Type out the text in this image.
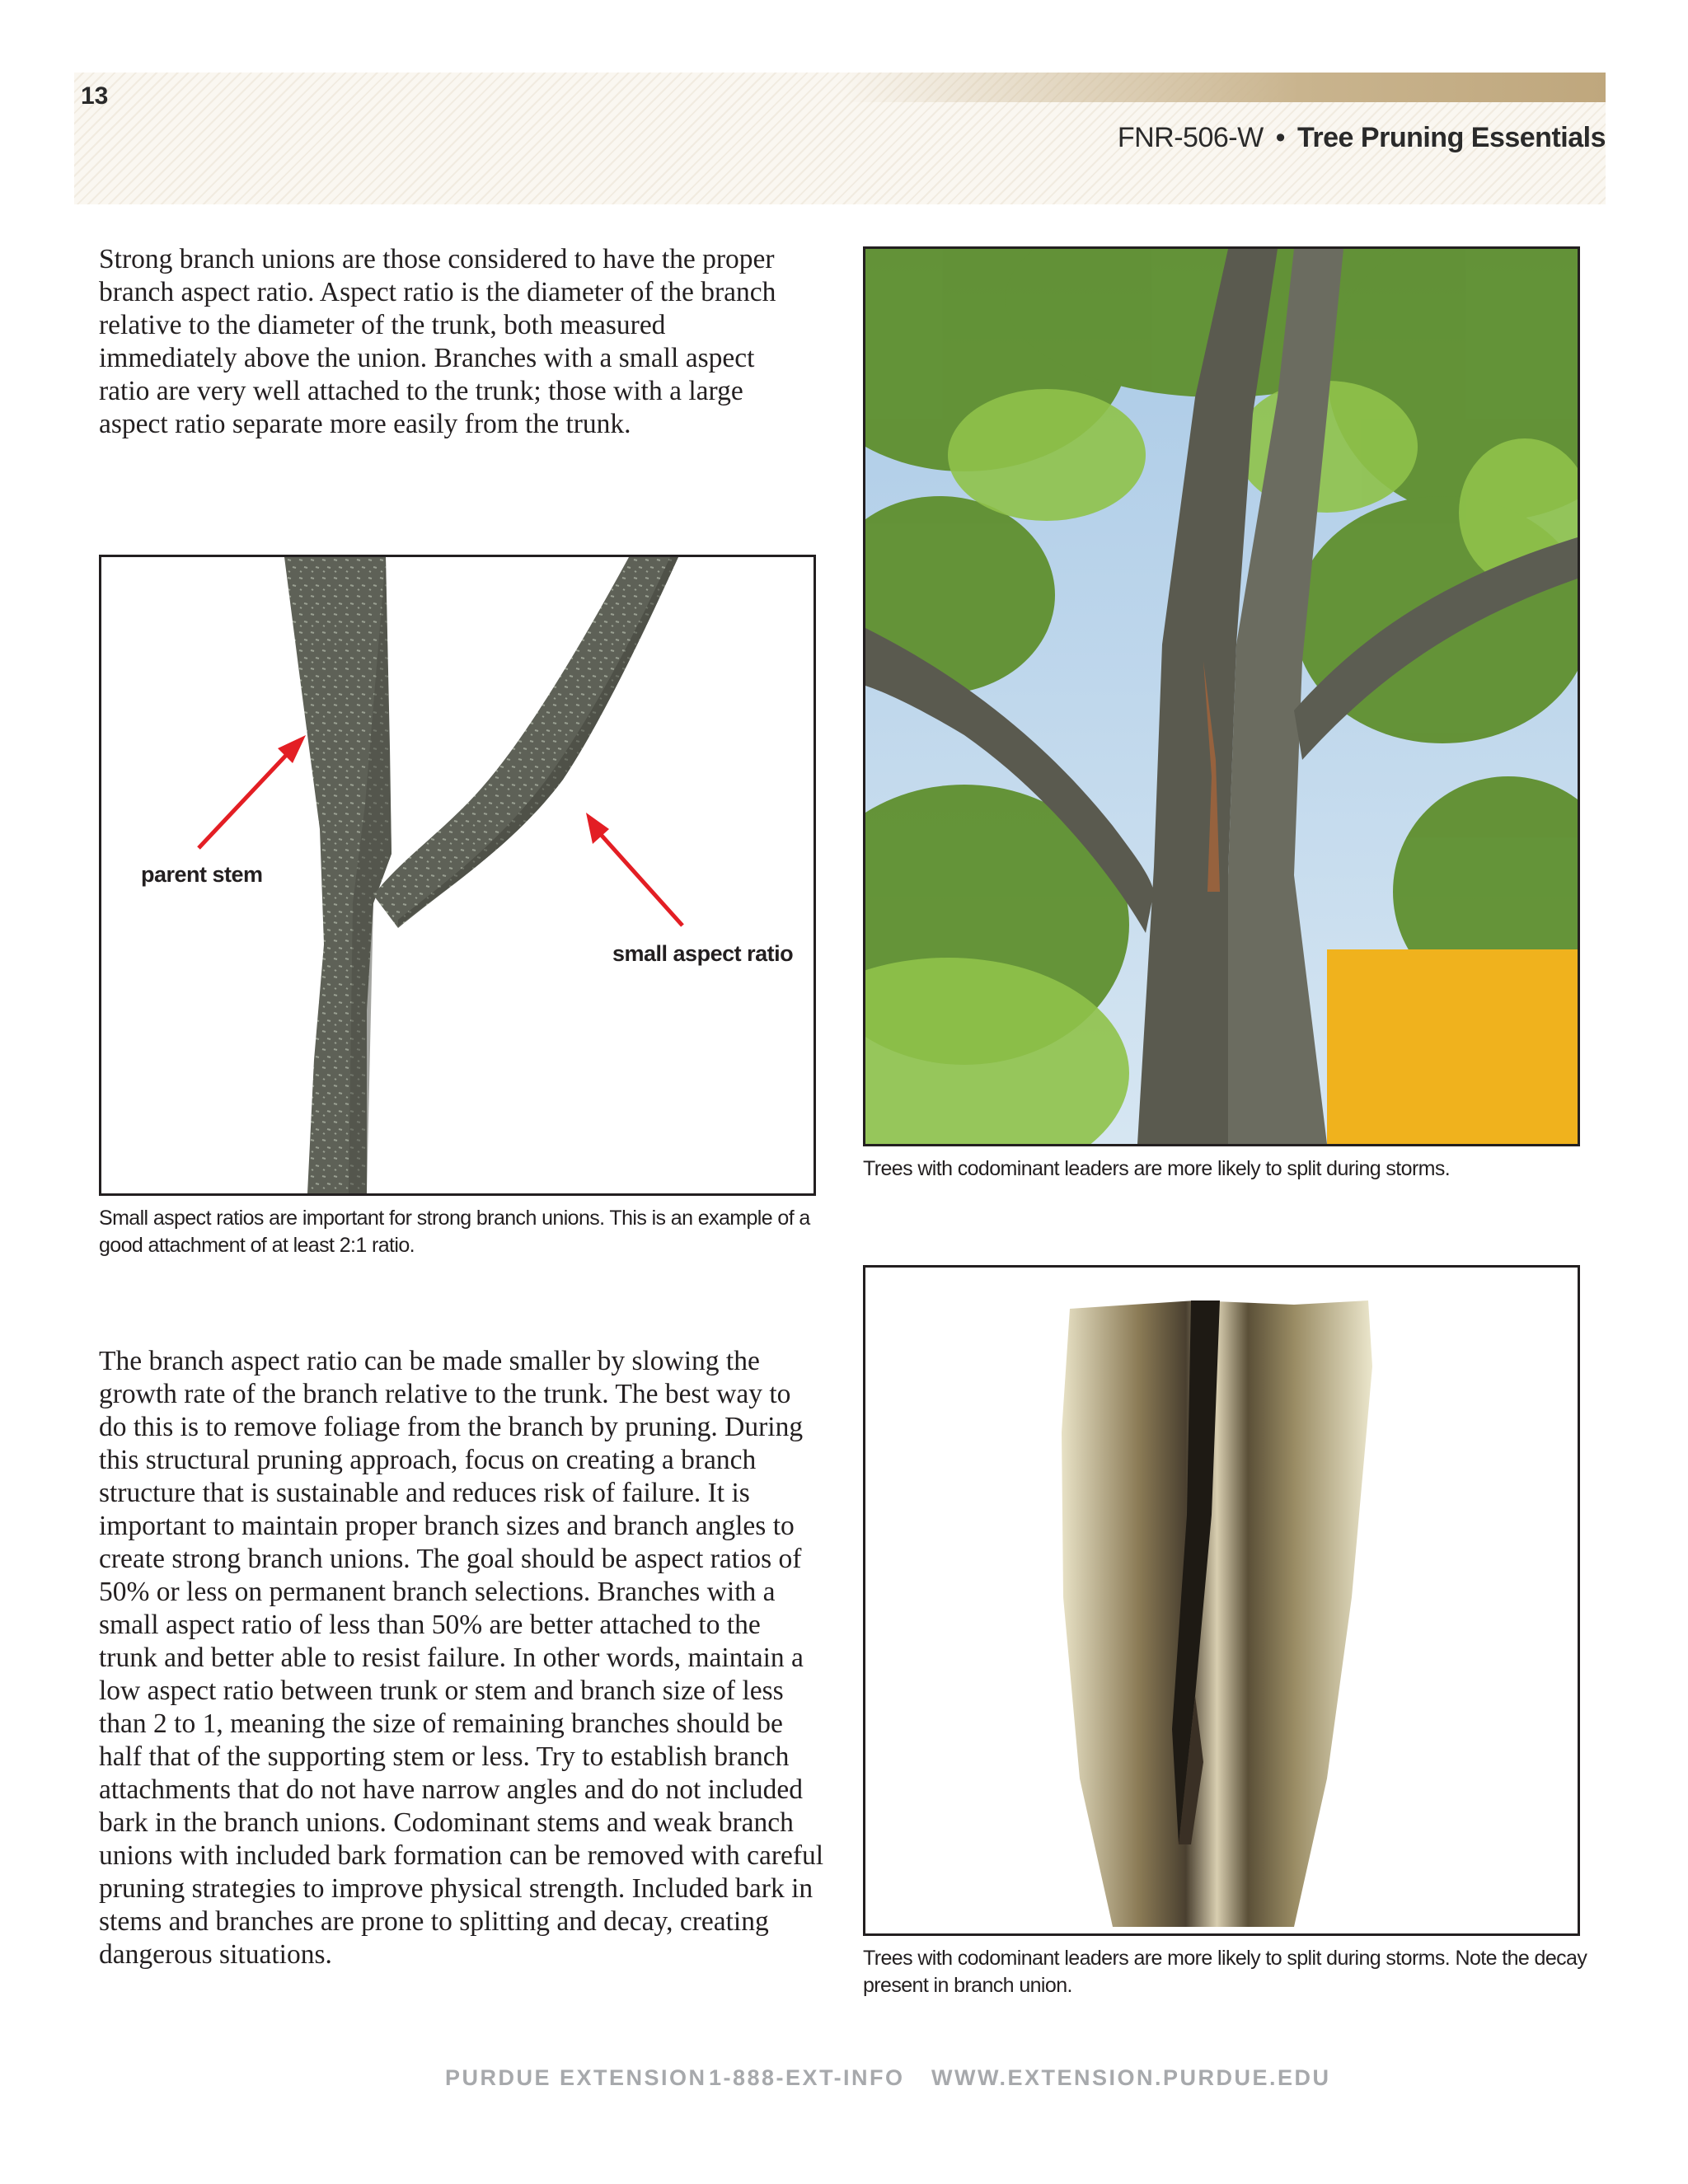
13
FNR-506-W • Tree Pruning Essentials
Strong branch unions are those considered to have the proper branch aspect ratio. Aspect ratio is the diameter of the branch relative to the diameter of the trunk, both measured immediately above the union. Branches with a small aspect ratio are very well attached to the trunk; those with a large aspect ratio separate more easily from the trunk.
parent stem
small aspect ratio
Small aspect ratios are important for strong branch unions. This is an example of a good attachment of at least 2:1 ratio.
Trees with codominant leaders are more likely to split during storms.
The branch aspect ratio can be made smaller by slowing the growth rate of the branch relative to the trunk. The best way to do this is to remove foliage from the branch by pruning. During this structural pruning approach, focus on creating a branch structure that is sustainable and reduces risk of failure. It is important to maintain proper branch sizes and branch angles to create strong branch unions. The goal should be aspect ratios of 50% or less on permanent branch selections. Branches with a small aspect ratio of less than 50% are better attached to the trunk and better able to resist failure. In other words, maintain a low aspect ratio between trunk or stem and branch size of less than 2 to 1, meaning the size of remaining branches should be half that of the supporting stem or less. Try to establish branch attachments that do not have narrow angles and do not included bark in the branch unions. Codominant stems and weak branch unions with included bark formation can be removed with careful pruning strategies to improve physical strength. Included bark in stems and branches are prone to splitting and decay, creating dangerous situations.	Trees with codominant leaders are more likely to split during storms. Note the decay present in branch union.
PURDUE EXTENSION 1-888-EXT-INFO WWW.EXTENSION.PURDUE.EDU
